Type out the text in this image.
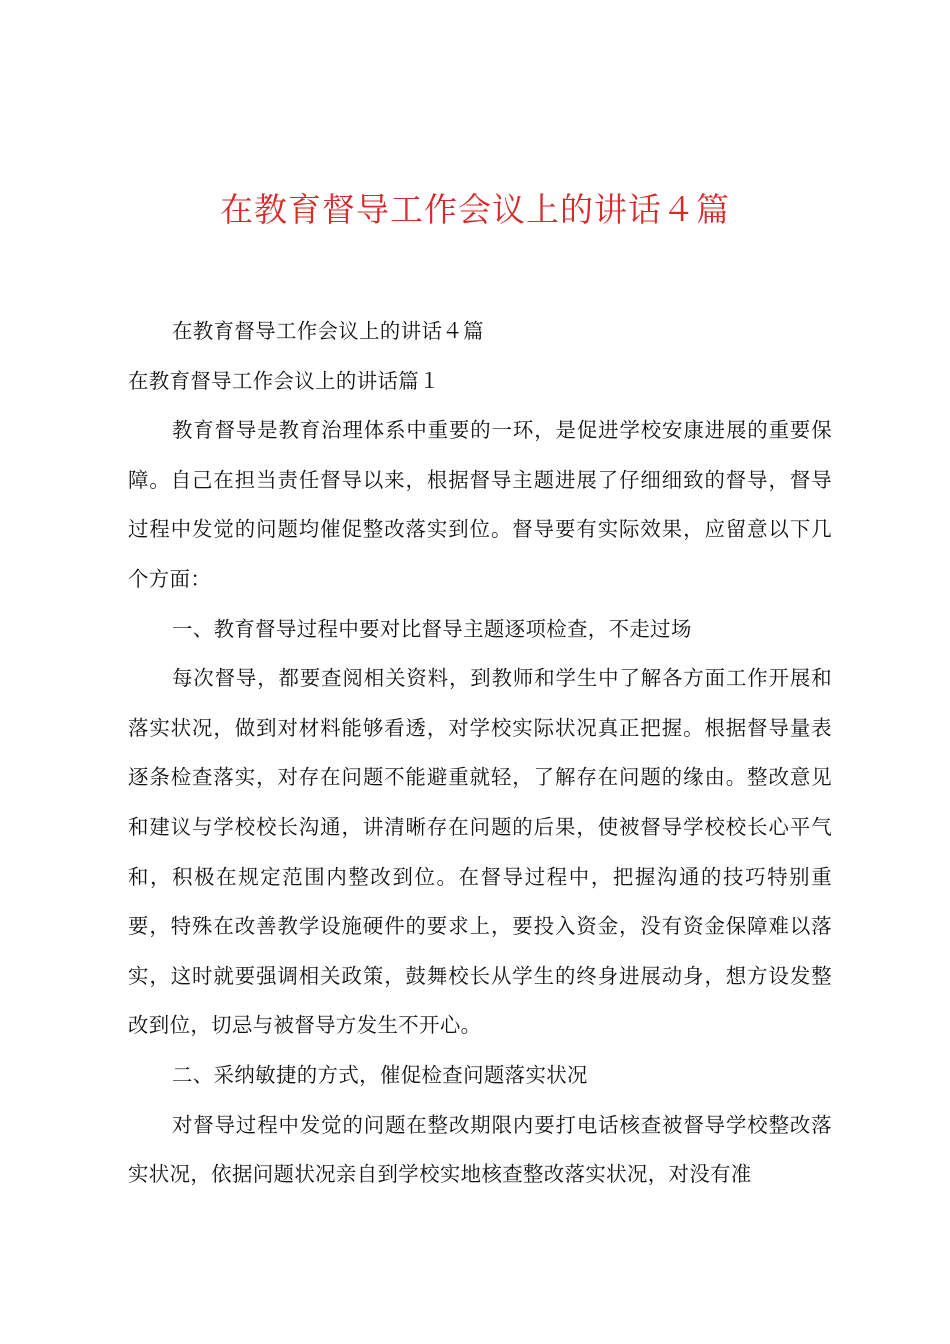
在教育督导工作会议上的讲话４篇

在教育督导工作会议上的讲话４篇

在教育督导工作会议上的讲话篇１

教育督导是教育治理体系中重要的一环，是促进学校安康进展的重要保障。自己在担当责任督导以来，根据督导主题进展了仔细细致的督导，督导过程中发觉的问题均催促整改落实到位。督导要有实际效果，应留意以下几个方面：

一、教育督导过程中要对比督导主题逐项检查，不走过场

每次督导，都要查阅相关资料，到教师和学生中了解各方面工作开展和落实状况，做到对材料能够看透，对学校实际状况真正把握。根据督导量表逐条检查落实，对存在问题不能避重就轻，了解存在问题的缘由。整改意见和建议与学校校长沟通，讲清晰存在问题的后果，使被督导学校校长心平气和，积极在规定范围内整改到位。在督导过程中，把握沟通的技巧特别重要，特殊在改善教学设施硬件的要求上，要投入资金，没有资金保障难以落实，这时就要强调相关政策，鼓舞校长从学生的终身进展动身，想方设发整改到位，切忌与被督导方发生不开心。

二、采纳敏捷的方式，催促检查问题落实状况

对督导过程中发觉的问题在整改期限内要打电话核查被督导学校整改落实状况，依据问题状况亲自到学校实地核查整改落实状况，对没有准
